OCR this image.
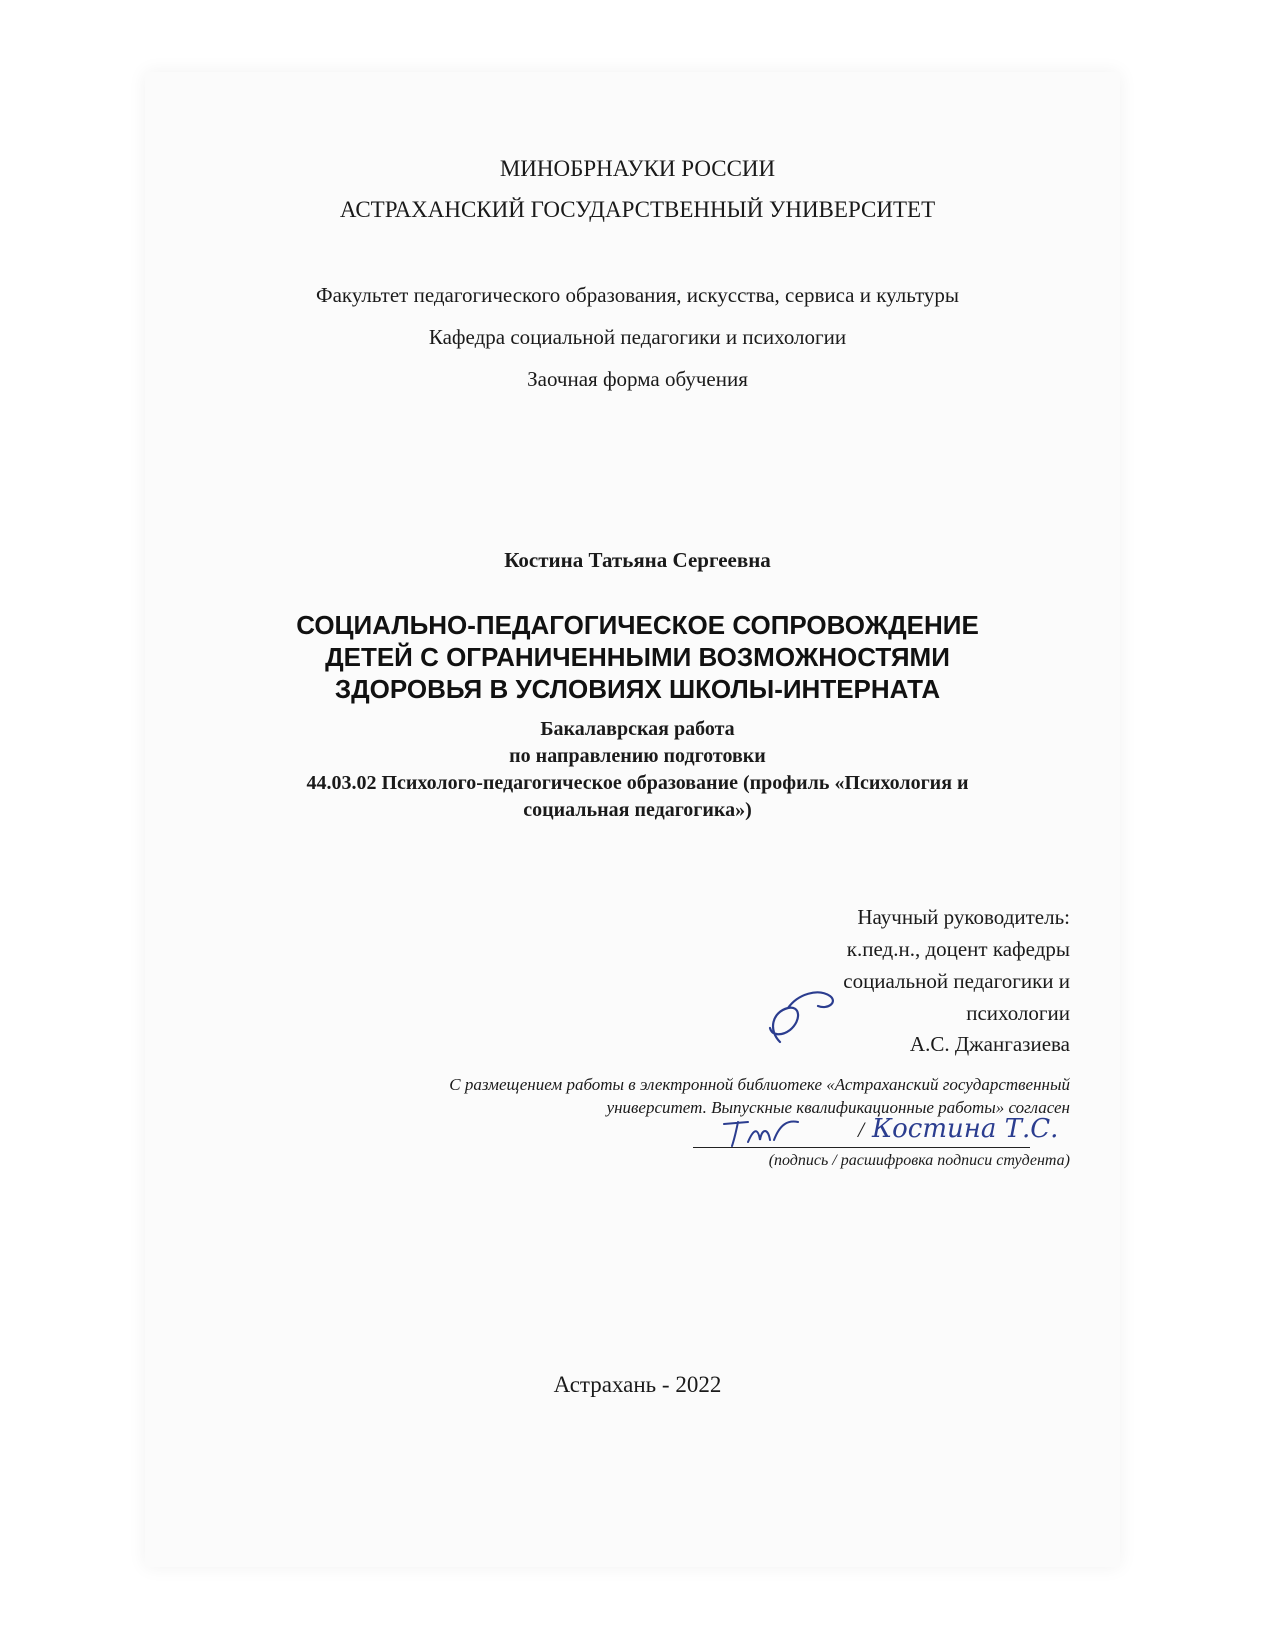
МИНОБРНАУКИ РОССИИ
АСТРАХАНСКИЙ ГОСУДАРСТВЕННЫЙ УНИВЕРСИТЕТ
Факультет педагогического образования, искусства, сервиса и культуры
Кафедра социальной педагогики и психологии
Заочная форма обучения
Костина Татьяна Сергеевна
СОЦИАЛЬНО-ПЕДАГОГИЧЕСКОЕ СОПРОВОЖДЕНИЕ
ДЕТЕЙ С ОГРАНИЧЕННЫМИ ВОЗМОЖНОСТЯМИ
ЗДОРОВЬЯ В УСЛОВИЯХ ШКОЛЫ-ИНТЕРНАТА
Бакалаврская работа
по направлению подготовки
44.03.02 Психолого-педагогическое образование (профиль «Психология и
социальная педагогика»)
Научный руководитель:
к.пед.н., доцент кафедры
социальной педагогики и
психологии
А.С. Джангазиева
С размещением работы в электронной библиотеке «Астраханский государственный
университет. Выпускные квалификационные работы» согласен
/ Костина Т.С.
(подпись / расшифровка подписи студента)
Астрахань - 2022
